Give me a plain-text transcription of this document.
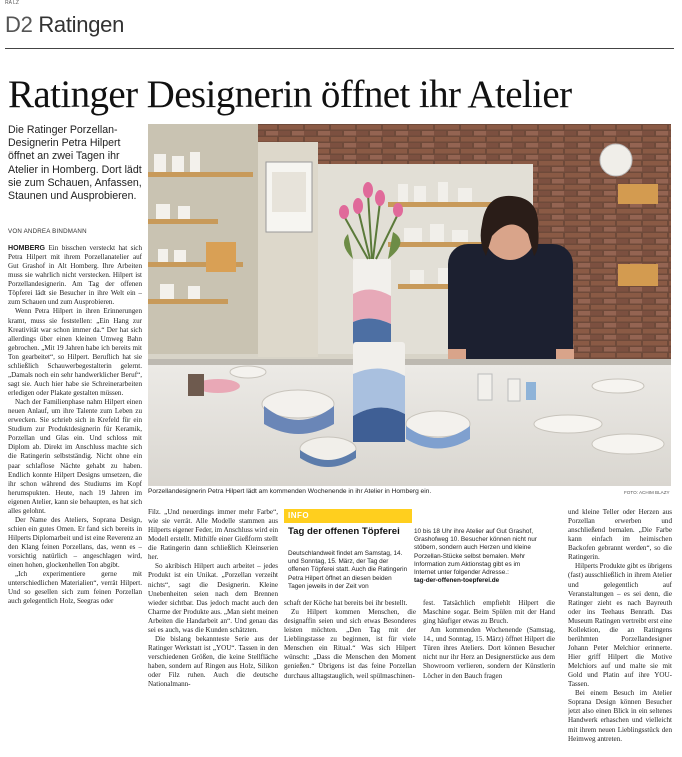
RA LZ
D2 Ratingen
Ratinger Designerin öffnet ihr Atelier
Die Ratinger Porzellan-Designerin Petra Hilpert öffnet an zwei Tagen ihr Atelier in Homberg. Dort lädt sie zum Schauen, Anfassen, Staunen und Ausprobieren.
VON ANDREA BINDMANN
Porzellandesignerin Petra Hilpert lädt am kommenden Wochenende in ihr Atelier in Homberg ein.	FOTO: ACHIM BLAZY

HOMBERG Ein bisschen versteckt hat sich Petra Hilpert mit ihrem Porzellanatelier auf Gut Grashof in Alt Homberg. Ihre Arbeiten muss sie wahrlich nicht verstecken. Hilpert ist Porzellandesignerin. Am Tag der offenen Töpferei lädt sie Besucher in ihre Welt ein – zum Schauen und zum Ausprobieren.

Wenn Petra Hilpert in ihren Erinnerungen kramt, muss sie feststellen: „Ein Hang zur Kreativität war schon immer da.“ Der hat sich allerdings über einen kleinen Umweg Bahn gebrochen. „Mit 19 Jahren habe ich bereits mit Ton gearbeitet“, so Hilpert. Beruflich hat sie schließlich Schauwerbegestalterin gelernt. „Damals noch ein sehr handwerklicher Beruf“, sagt sie. Auch hier habe sie Schreinerarbeiten erledigen oder Plakate gestalten müssen.

Nach der Familienphase nahm Hilpert einen neuen Anlauf, um ihre Talente zum Leben zu erwecken. Sie schrieb sich in Krefeld für ein Studium zur Produktdesignerin für Keramik, Porzellan und Glas ein. Und schloss mit Diplom ab. Direkt im Anschluss machte sich die Ratingerin selbstständig. Nicht ohne ein paar schlaflose Nächte gehabt zu haben. Endlich konnte Hilpert Designs umsetzen, die ihr schon während des Studiums im Kopf herumspukten. Heute, nach 19 Jahren im eigenen Atelier, kann sie behaupten, es hat sich alles gelohnt.

Der Name des Ateliers, Soprana Design, schien ein gutes Omen. Er fand sich bereits in Hilperts Diplomarbeit und ist eine Reverenz an den Klang feinen Porzellans, das, wenn es – vorsichtig natürlich – angeschlagen wird, einen hohen, glockenhellen Ton abgibt.

„Ich experimentiere gerne mit unterschiedlichen Materialien“, verrät Hilpert. Und so gesellen sich zum feinen Porzellan auch gelegentlich Holz, Seegras oder

Filz. „Und neuerdings immer mehr Farbe“, wie sie verrät. Alle Modelle stammen aus Hilperts eigener Feder, im Anschluss wird ein Modell erstellt. Mithilfe einer Gießform stellt die Ratingerin dann schließlich Kleinserien her.

So akribisch Hilpert auch arbeitet – jedes Produkt ist ein Unikat. „Porzellan verzeiht nichts“, sagt die Designerin. Kleine Unebenheiten seien nach dem Brennen wieder sichtbar. Das jedoch macht auch den Charme der Produkte aus. „Man sieht meinen Arbeiten die Handarbeit an“. Und genau das sei es auch, was die Kunden schätzten.

Die bislang bekannteste Serie aus der Ratinger Werkstatt ist „YOU“. Tassen in den verschiedenen Größen, die keine Stellfläche haben, sondern auf Ringen aus Holz, Silikon oder Filz ruhen. Auch die deutsche Nationalmann-

INFO
Tag der offenen Töpferei
Deutschlandweit findet am Samstag, 14. und Sonntag, 15. März, der Tag der offenen Töpferei statt. Auch die Ratingerin Petra Hilpert öffnet an diesen beiden Tagen jeweils in der Zeit von
10 bis 18 Uhr ihre Atelier auf Gut Grashof, Grashofweg 10. Besucher können nicht nur stöbern, sondern auch Herzen und kleine Porzellan-Stücke selbst bemalen. Mehr Information zum Aktionstag gibt es im Internet unter folgender Adresse.:
tag-der-offenen-toepferei.de

schaft der Köche hat bereits bei ihr bestellt.

Zu Hilpert kommen Menschen, die designaffin seien und sich etwas Besonderes leisten möchten. „Den Tag mit der Lieblingstasse zu beginnen, ist für viele Menschen ein Ritual.“ Was sich Hilpert wünscht: „Dass die Menschen den Moment genießen.“ Übrigens ist das feine Porzellan durchaus alltagstauglich, weil spülmaschinen-

fest. Tatsächlich empfiehlt Hilpert die Maschine sogar. Beim Spülen mit der Hand ging häufiger etwas zu Bruch.

Am kommenden Wochenende (Samstag, 14., und Sonntag, 15. März) öffnet Hilpert die Türen ihres Ateliers. Dort können Besucher nicht nur ihr Herz an Designerstücke aus dem Showroom verlieren, sondern der Künstlerin Löcher in den Bauch fragen

und kleine Teller oder Herzen aus Porzellan erwerben und anschließend bemalen. „Die Farbe kann einfach im heimischen Backofen gebrannt werden“, so die Ratingerin.

Hilperts Produkte gibt es übrigens (fast) ausschließlich in ihrem Atelier und gelegentlich auf Veranstaltungen – es sei denn, die Ratinger zieht es nach Bayreuth oder ins Teehaus Benrath. Das Museum Ratingen vertreibt erst eine Kollektion, die an Ratingens berühmten Porzellandesigner Johann Peter Melchior erinnerte. Hier griff Hilpert die Motive Melchiors auf und malte sie mit Gold und Platin auf ihre YOU-Tassen.

Bei einem Besuch im Atelier Soprana Design können Besucher jetzt also einen Blick in ein seltenes Handwerk erhaschen und vielleicht mit ihrem neuen Lieblingsstück den Heimweg antreten.
